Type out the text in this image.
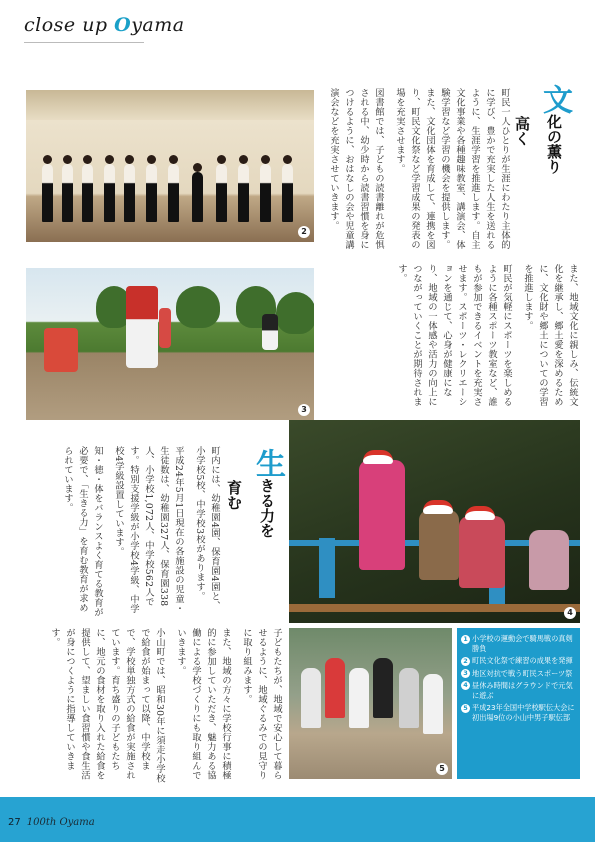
close up Oyama
2
3
文化の薫り
高く

町民一人ひとりが生涯にわたり主体的に学び、豊かで充実した人生を送れるように、生涯学習を推進します。自主文化事業や各種趣味教室、講演会、体験学習など学習の機会を提供します。また、文化団体を育成して、連携を図り、町民文化祭など学習成果の発表の場を充実させます。

図書館では、子どもの読書離れが危惧される中、幼少時から読書習慣を身につけるように、おはなしの会や児童講演会などを充実させていきます。

また、地域文化に親しみ、伝統文化を継承し、郷土愛を深めるために、文化財や郷土についての学習を推進します。

町民が気軽にスポーツを楽しめるように各種スポーツ教室など、誰もが参加できるイベントを充実させます。スポーツ・レクリエーションを通じて、心身が健康になり、地域の一体感や活力の向上につながっていくことが期待されます。

生きる力を
育む

町内には、幼稚園4園、保育園4園と、小学校5校、中学校3校があります。

平成24年5月1日現在の各施設の児童・生徒数は、幼稚園327人、保育園338人、小学校1,072人、中学校562人です。特別支援学級が小学校4学級、中学校4学級設置しています。

知・徳・体をバランスよく育てる教育が必要で、「生きる力」を育む教育が求められています。

子どもたちが、地域で安心して暮らせるように、地域ぐるみでの見守りに取り組みます。

また、地域の方々に学校行事に積極的に参加していただき、魅力ある協働による学校づくりにも取り組んでいきます。

小山町では、昭和30年に須走小学校で給食が始まって以降、中学校まで、学校単独方式の給食が実施されています。育ち盛りの子どもたちに、地元の食材を取り入れた給食を提供して、望ましい食習慣や食生活が身につくように指導していきます。

4
5
1 小学校の運動会で騎馬戦の真剣勝負
2 町民文化祭で練習の成果を発揮
3 地区対抗で戦う町民スポーツ祭
4 昼休み時間はグラウンドで元気に遊ぶ
5 平成23年全国中学校駅伝大会に初出場9位の小山中男子駅伝部
27 100th Oyama
